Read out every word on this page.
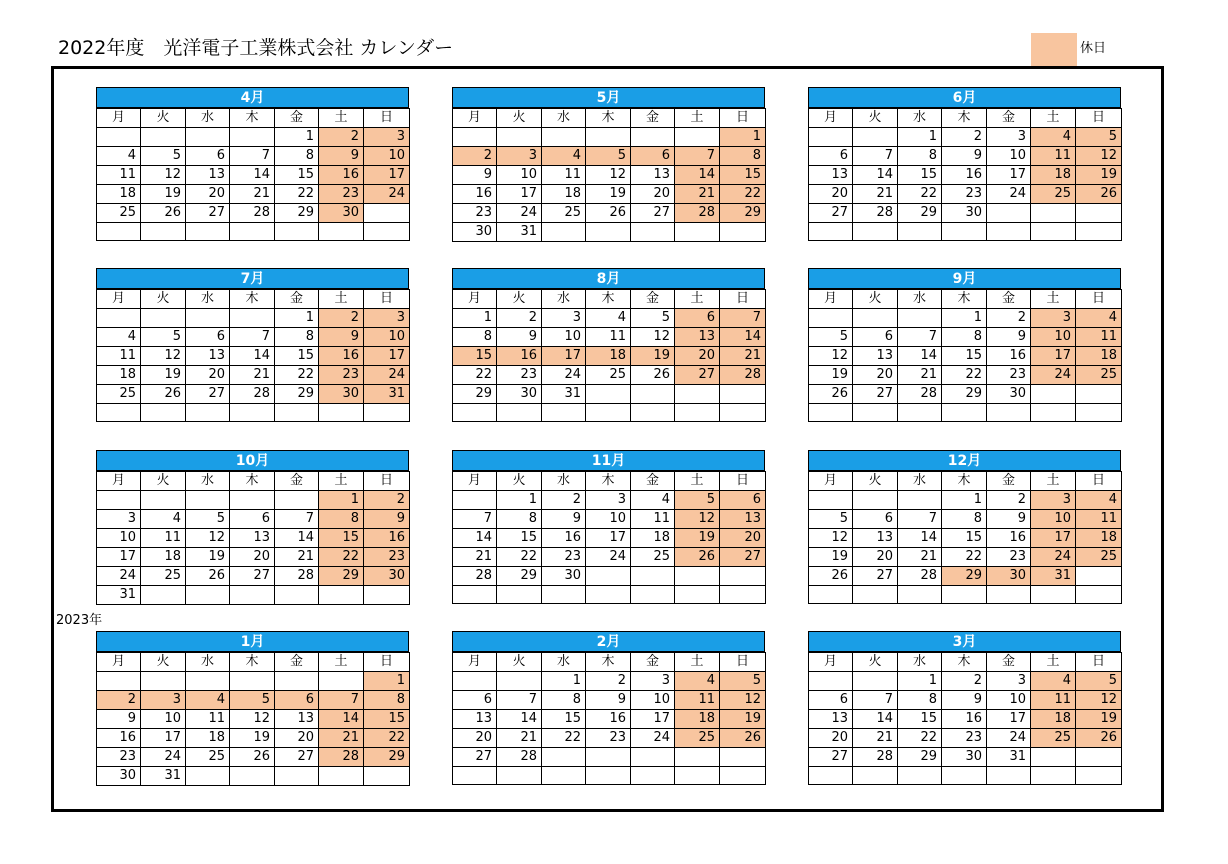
2022年度　光洋電子工業株式会社 カレンダー	休日
2023年
4月
月	火	水	木	金	土	日
				1	2	3
4	5	6	7	8	9	10
11	12	13	14	15	16	17
18	19	20	21	22	23	24
25	26	27	28	29	30	

5月
月	火	水	木	金	土	日
						1
2	3	4	5	6	7	8
9	10	11	12	13	14	15
16	17	18	19	20	21	22
23	24	25	26	27	28	29
30	31					
6月
月	火	水	木	金	土	日
		1	2	3	4	5
6	7	8	9	10	11	12
13	14	15	16	17	18	19
20	21	22	23	24	25	26
27	28	29	30			

7月
月	火	水	木	金	土	日
				1	2	3
4	5	6	7	8	9	10
11	12	13	14	15	16	17
18	19	20	21	22	23	24
25	26	27	28	29	30	31

8月
月	火	水	木	金	土	日
1	2	3	4	5	6	7
8	9	10	11	12	13	14
15	16	17	18	19	20	21
22	23	24	25	26	27	28
29	30	31				

9月
月	火	水	木	金	土	日
			1	2	3	4
5	6	7	8	9	10	11
12	13	14	15	16	17	18
19	20	21	22	23	24	25
26	27	28	29	30		

10月
月	火	水	木	金	土	日
					1	2
3	4	5	6	7	8	9
10	11	12	13	14	15	16
17	18	19	20	21	22	23
24	25	26	27	28	29	30
31						
11月
月	火	水	木	金	土	日
	1	2	3	4	5	6
7	8	9	10	11	12	13
14	15	16	17	18	19	20
21	22	23	24	25	26	27
28	29	30				

12月
月	火	水	木	金	土	日
			1	2	3	4
5	6	7	8	9	10	11
12	13	14	15	16	17	18
19	20	21	22	23	24	25
26	27	28	29	30	31	

1月
月	火	水	木	金	土	日
						1
2	3	4	5	6	7	8
9	10	11	12	13	14	15
16	17	18	19	20	21	22
23	24	25	26	27	28	29
30	31					
2月
月	火	水	木	金	土	日
		1	2	3	4	5
6	7	8	9	10	11	12
13	14	15	16	17	18	19
20	21	22	23	24	25	26
27	28					

3月
月	火	水	木	金	土	日
		1	2	3	4	5
6	7	8	9	10	11	12
13	14	15	16	17	18	19
20	21	22	23	24	25	26
27	28	29	30	31		
